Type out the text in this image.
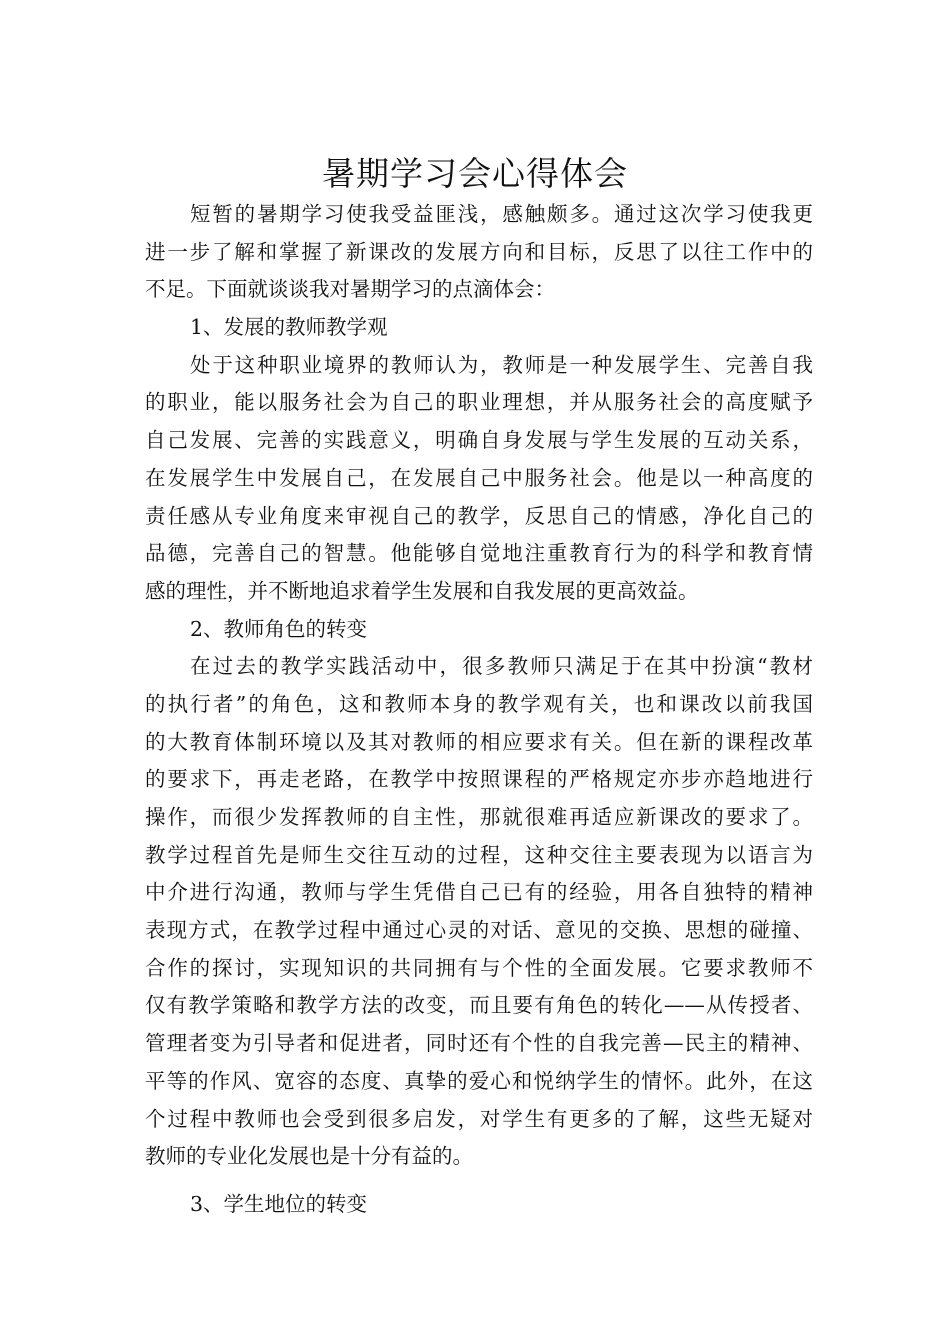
暑期学习会心得体会
短暂的暑期学习使我受益匪浅，感触颇多。通过这次学习使我更
进一步了解和掌握了新课改的发展方向和目标，反思了以往工作中的
不足。下面就谈谈我对暑期学习的点滴体会：
1、发展的教师教学观
处于这种职业境界的教师认为，教师是一种发展学生、完善自我
的职业，能以服务社会为自己的职业理想，并从服务社会的高度赋予
自己发展、完善的实践意义，明确自身发展与学生发展的互动关系，
在发展学生中发展自己，在发展自己中服务社会。他是以一种高度的
责任感从专业角度来审视自己的教学，反思自己的情感，净化自己的
品德，完善自己的智慧。他能够自觉地注重教育行为的科学和教育情
感的理性，并不断地追求着学生发展和自我发展的更高效益。
2、教师角色的转变
在过去的教学实践活动中，很多教师只满足于在其中扮演“教材
的执行者”的角色，这和教师本身的教学观有关，也和课改以前我国
的大教育体制环境以及其对教师的相应要求有关。但在新的课程改革
的要求下，再走老路，在教学中按照课程的严格规定亦步亦趋地进行
操作，而很少发挥教师的自主性，那就很难再适应新课改的要求了。
教学过程首先是师生交往互动的过程，这种交往主要表现为以语言为
中介进行沟通，教师与学生凭借自己已有的经验，用各自独特的精神
表现方式，在教学过程中通过心灵的对话、意见的交换、思想的碰撞、
合作的探讨，实现知识的共同拥有与个性的全面发展。它要求教师不
仅有教学策略和教学方法的改变，而且要有角色的转化——从传授者、
管理者变为引导者和促进者，同时还有个性的自我完善—民主的精神、
平等的作风、宽容的态度、真挚的爱心和悦纳学生的情怀。此外，在这
个过程中教师也会受到很多启发，对学生有更多的了解，这些无疑对
教师的专业化发展也是十分有益的。
3、学生地位的转变
